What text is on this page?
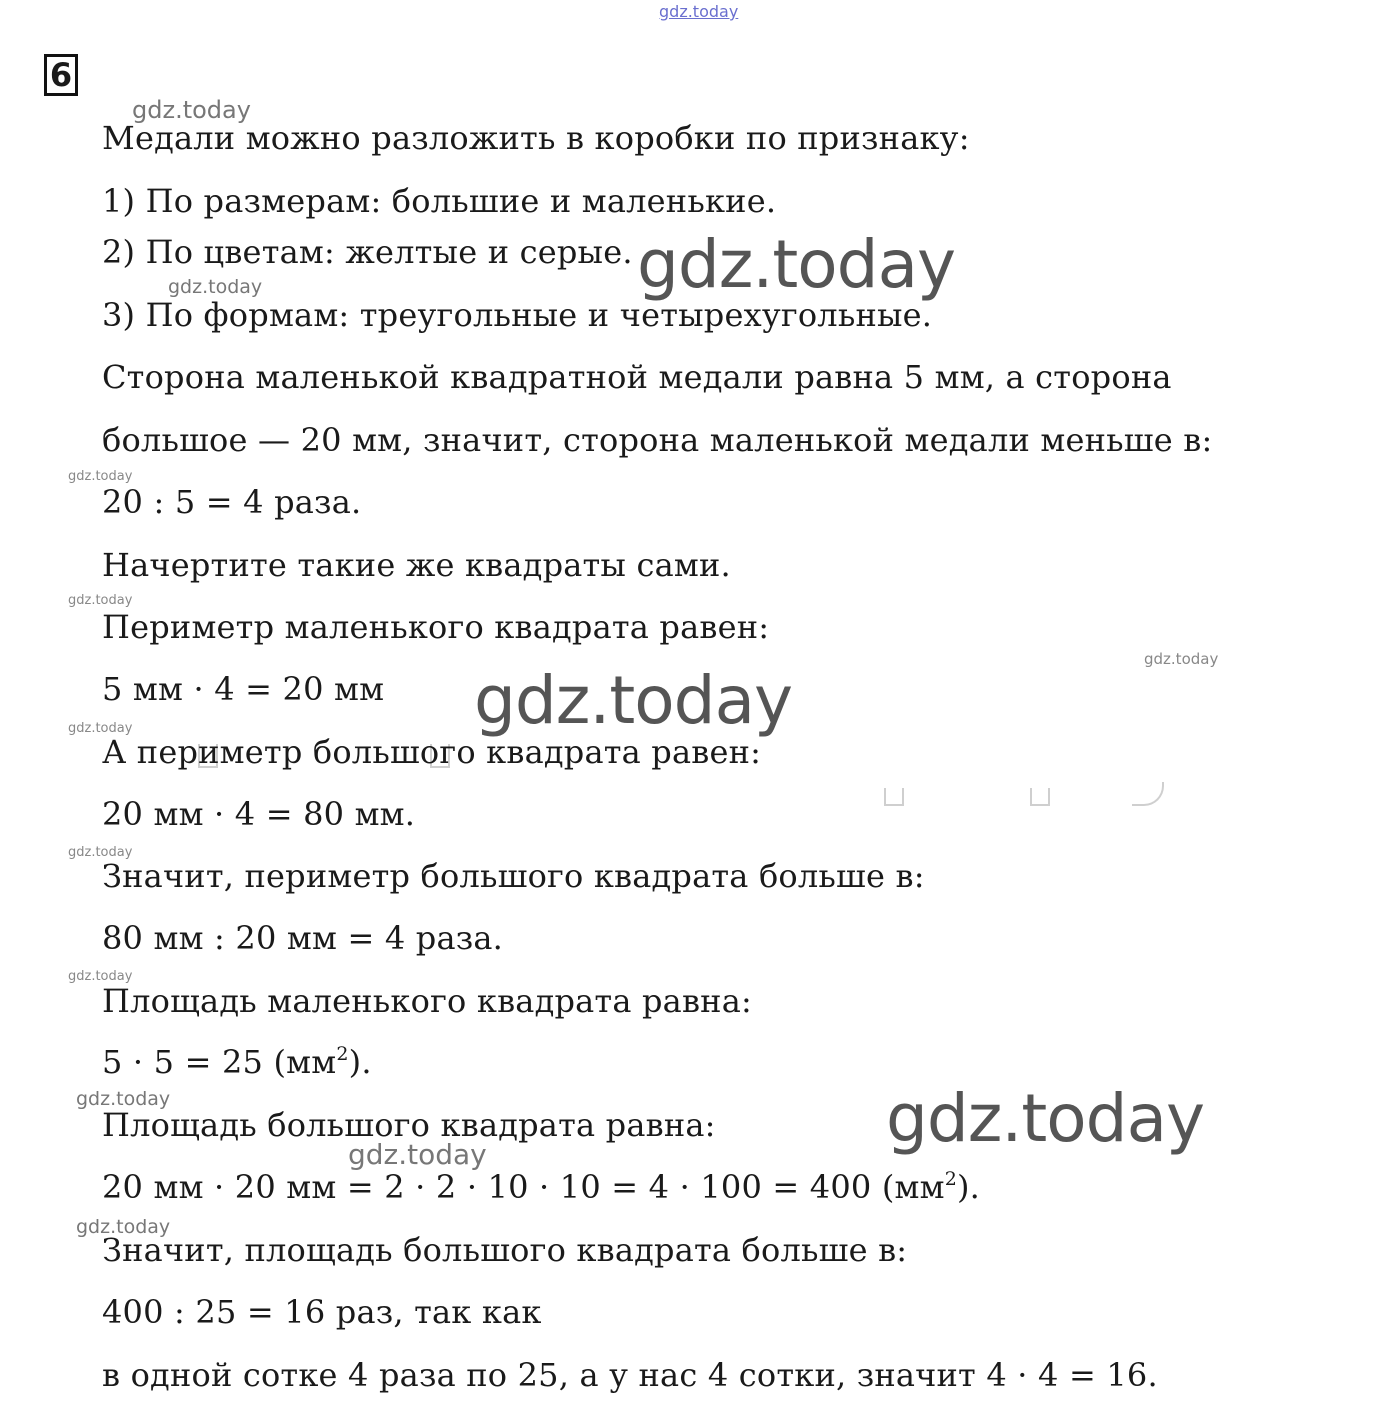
gdz.today
6
Медали можно разложить в коробки по признаку:
1) По размерам: большие и маленькие.
2) По цветам: желтые и серые.
3) По формам: треугольные и четырехугольные.
Сторона маленькой квадратной медали равна 5 мм, а сторона
большое — 20 мм, значит, сторона маленькой медали меньше в:
20 : 5 = 4 раза.
Начертите такие же квадраты сами.
Периметр маленького квадрата равен:
5 мм · 4 = 20 мм
А периметр большого квадрата равен:
20 мм · 4 = 80 мм.
Значит, периметр большого квадрата больше в:
80 мм : 20 мм = 4 раза.
Площадь маленького квадрата равна:
5 · 5 = 25 $(мм^2)$.
Площадь большого квадрата равна:
20 мм · 20 мм = 2 · 2 · 10 · 10 = 4 · 100 = 400 $(мм^2)$.
Значит, площадь большого квадрата больше в:
400 : 25 = 16 раз, так как
в одной сотке 4 раза по 25, а у нас 4 сотки, значит 4 · 4 = 16.
gdz.today
gdz.today
gdz.today
gdz.today
gdz.today
gdz.today
gdz.today
gdz.today
gdz.today
gdz.today
gdz.today
gdz.today
gdz.today
gdz.today
